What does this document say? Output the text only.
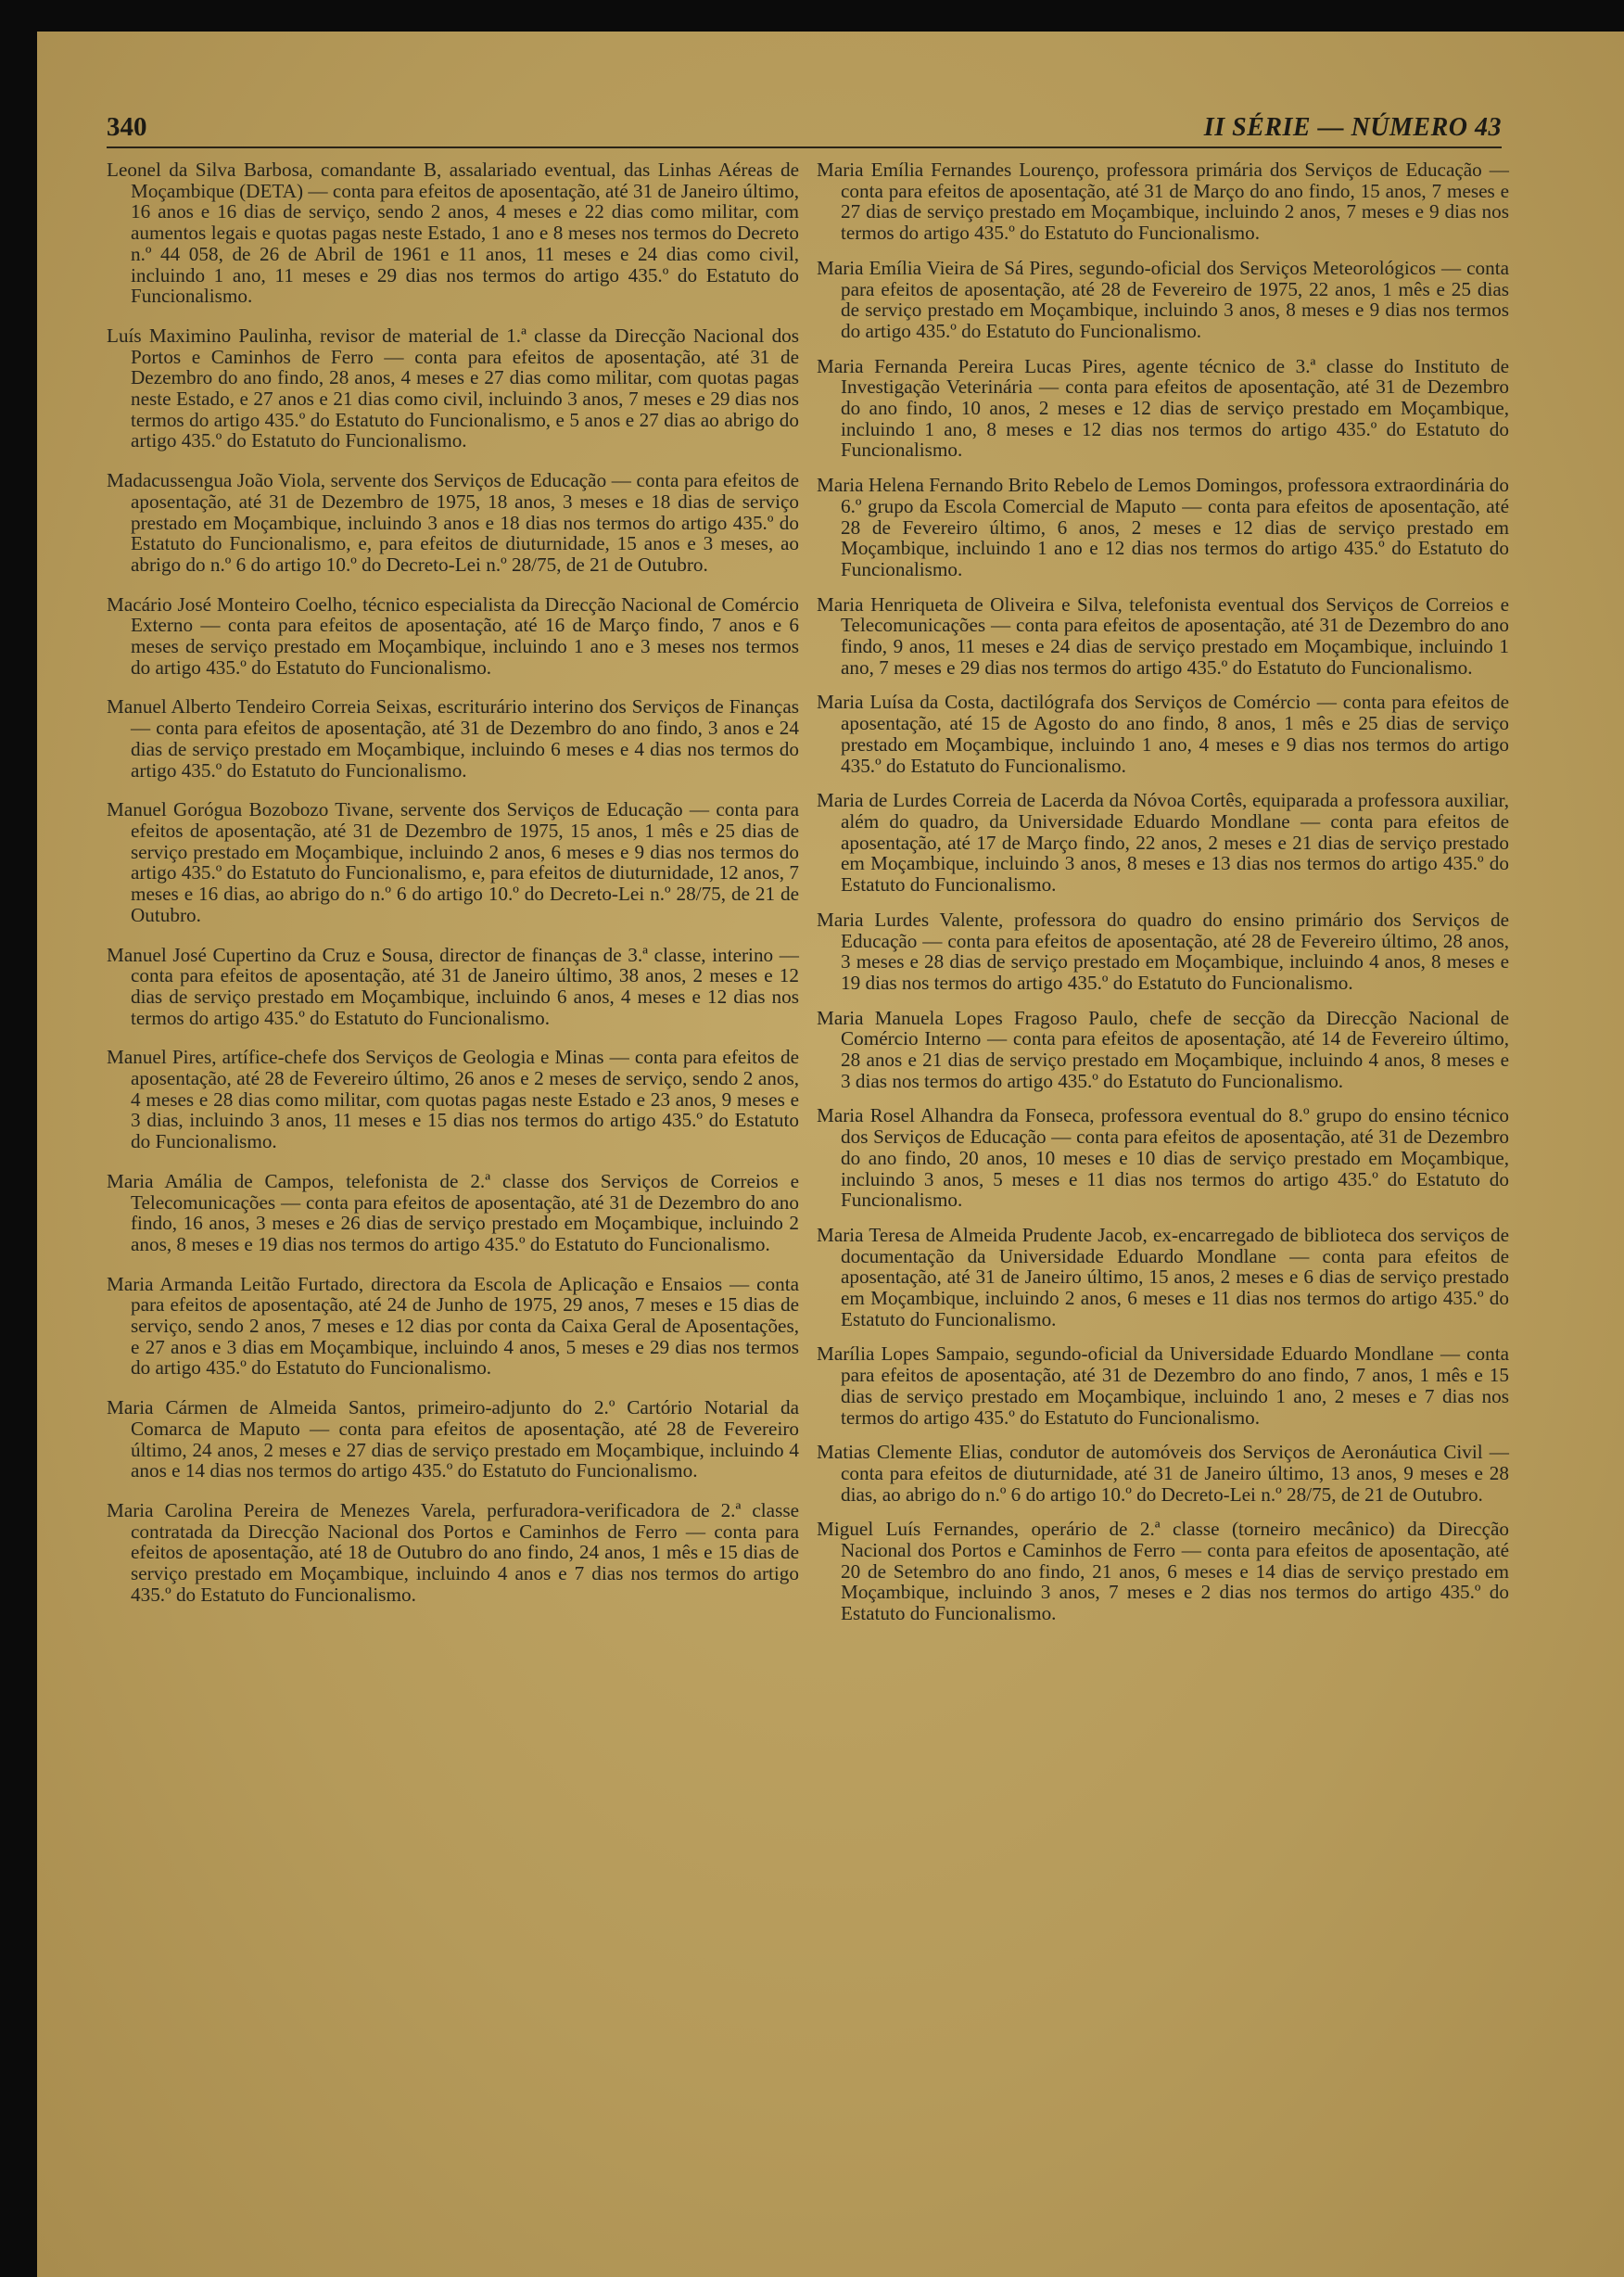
340	II SÉRIE — NÚMERO 43

Leonel da Silva Barbosa, comandante B, assalariado eventual, das Linhas Aéreas de Moçambique (DETA) — conta para efeitos de aposentação, até 31 de Janeiro último, 16 anos e 16 dias de serviço, sendo 2 anos, 4 meses e 22 dias como militar, com aumentos legais e quotas pagas neste Estado, 1 ano e 8 meses nos termos do Decreto n.º 44 058, de 26 de Abril de 1961 e 11 anos, 11 meses e 24 dias como civil, incluindo 1 ano, 11 meses e 29 dias nos termos do artigo 435.º do Estatuto do Funcionalismo.

Luís Maximino Paulinha, revisor de material de 1.ª classe da Direcção Nacional dos Portos e Caminhos de Ferro — conta para efeitos de aposentação, até 31 de Dezembro do ano findo, 28 anos, 4 meses e 27 dias como militar, com quotas pagas neste Estado, e 27 anos e 21 dias como civil, incluindo 3 anos, 7 meses e 29 dias nos termos do artigo 435.º do Estatuto do Funcionalismo, e 5 anos e 27 dias ao abrigo do artigo 435.º do Estatuto do Funcionalismo.

Madacussengua João Viola, servente dos Serviços de Educação — conta para efeitos de aposentação, até 31 de Dezembro de 1975, 18 anos, 3 meses e 18 dias de serviço prestado em Moçambique, incluindo 3 anos e 18 dias nos termos do artigo 435.º do Estatuto do Funcionalismo, e, para efeitos de diuturnidade, 15 anos e 3 meses, ao abrigo do n.º 6 do artigo 10.º do Decreto-Lei n.º 28/75, de 21 de Outubro.

Macário José Monteiro Coelho, técnico especialista da Direcção Nacional de Comércio Externo — conta para efeitos de aposentação, até 16 de Março findo, 7 anos e 6 meses de serviço prestado em Moçambique, incluindo 1 ano e 3 meses nos termos do artigo 435.º do Estatuto do Funcionalismo.

Manuel Alberto Tendeiro Correia Seixas, escriturário interino dos Serviços de Finanças — conta para efeitos de aposentação, até 31 de Dezembro do ano findo, 3 anos e 24 dias de serviço prestado em Moçambique, incluindo 6 meses e 4 dias nos termos do artigo 435.º do Estatuto do Funcionalismo.

Manuel Gorógua Bozobozo Tivane, servente dos Serviços de Educação — conta para efeitos de aposentação, até 31 de Dezembro de 1975, 15 anos, 1 mês e 25 dias de serviço prestado em Moçambique, incluindo 2 anos, 6 meses e 9 dias nos termos do artigo 435.º do Estatuto do Funcionalismo, e, para efeitos de diuturnidade, 12 anos, 7 meses e 16 dias, ao abrigo do n.º 6 do artigo 10.º do Decreto-Lei n.º 28/75, de 21 de Outubro.

Manuel José Cupertino da Cruz e Sousa, director de finanças de 3.ª classe, interino — conta para efeitos de aposentação, até 31 de Janeiro último, 38 anos, 2 meses e 12 dias de serviço prestado em Moçambique, incluindo 6 anos, 4 meses e 12 dias nos termos do artigo 435.º do Estatuto do Funcionalismo.

Manuel Pires, artífice-chefe dos Serviços de Geologia e Minas — conta para efeitos de aposentação, até 28 de Fevereiro último, 26 anos e 2 meses de serviço, sendo 2 anos, 4 meses e 28 dias como militar, com quotas pagas neste Estado e 23 anos, 9 meses e 3 dias, incluindo 3 anos, 11 meses e 15 dias nos termos do artigo 435.º do Estatuto do Funcionalismo.

Maria Amália de Campos, telefonista de 2.ª classe dos Serviços de Correios e Telecomunicações — conta para efeitos de aposentação, até 31 de Dezembro do ano findo, 16 anos, 3 meses e 26 dias de serviço prestado em Moçambique, incluindo 2 anos, 8 meses e 19 dias nos termos do artigo 435.º do Estatuto do Funcionalismo.

Maria Armanda Leitão Furtado, directora da Escola de Aplicação e Ensaios — conta para efeitos de aposentação, até 24 de Junho de 1975, 29 anos, 7 meses e 15 dias de serviço, sendo 2 anos, 7 meses e 12 dias por conta da Caixa Geral de Aposentações, e 27 anos e 3 dias em Moçambique, incluindo 4 anos, 5 meses e 29 dias nos termos do artigo 435.º do Estatuto do Funcionalismo.

Maria Cármen de Almeida Santos, primeiro-adjunto do 2.º Cartório Notarial da Comarca de Maputo — conta para efeitos de aposentação, até 28 de Fevereiro último, 24 anos, 2 meses e 27 dias de serviço prestado em Moçambique, incluindo 4 anos e 14 dias nos termos do artigo 435.º do Estatuto do Funcionalismo.

Maria Carolina Pereira de Menezes Varela, perfuradora-verificadora de 2.ª classe contratada da Direcção Nacional dos Portos e Caminhos de Ferro — conta para efeitos de aposentação, até 18 de Outubro do ano findo, 24 anos, 1 mês e 15 dias de serviço prestado em Moçambique, incluindo 4 anos e 7 dias nos termos do artigo 435.º do Estatuto do Funcionalismo.

Maria Emília Fernandes Lourenço, professora primária dos Serviços de Educação — conta para efeitos de aposentação, até 31 de Março do ano findo, 15 anos, 7 meses e 27 dias de serviço prestado em Moçambique, incluindo 2 anos, 7 meses e 9 dias nos termos do artigo 435.º do Estatuto do Funcionalismo.

Maria Emília Vieira de Sá Pires, segundo-oficial dos Serviços Meteorológicos — conta para efeitos de aposentação, até 28 de Fevereiro de 1975, 22 anos, 1 mês e 25 dias de serviço prestado em Moçambique, incluindo 3 anos, 8 meses e 9 dias nos termos do artigo 435.º do Estatuto do Funcionalismo.

Maria Fernanda Pereira Lucas Pires, agente técnico de 3.ª classe do Instituto de Investigação Veterinária — conta para efeitos de aposentação, até 31 de Dezembro do ano findo, 10 anos, 2 meses e 12 dias de serviço prestado em Moçambique, incluindo 1 ano, 8 meses e 12 dias nos termos do artigo 435.º do Estatuto do Funcionalismo.

Maria Helena Fernando Brito Rebelo de Lemos Domingos, professora extraordinária do 6.º grupo da Escola Comercial de Maputo — conta para efeitos de aposentação, até 28 de Fevereiro último, 6 anos, 2 meses e 12 dias de serviço prestado em Moçambique, incluindo 1 ano e 12 dias nos termos do artigo 435.º do Estatuto do Funcionalismo.

Maria Henriqueta de Oliveira e Silva, telefonista eventual dos Serviços de Correios e Telecomunicações — conta para efeitos de aposentação, até 31 de Dezembro do ano findo, 9 anos, 11 meses e 24 dias de serviço prestado em Moçambique, incluindo 1 ano, 7 meses e 29 dias nos termos do artigo 435.º do Estatuto do Funcionalismo.

Maria Luísa da Costa, dactilógrafa dos Serviços de Comércio — conta para efeitos de aposentação, até 15 de Agosto do ano findo, 8 anos, 1 mês e 25 dias de serviço prestado em Moçambique, incluindo 1 ano, 4 meses e 9 dias nos termos do artigo 435.º do Estatuto do Funcionalismo.

Maria de Lurdes Correia de Lacerda da Nóvoa Cortês, equiparada a professora auxiliar, além do quadro, da Universidade Eduardo Mondlane — conta para efeitos de aposentação, até 17 de Março findo, 22 anos, 2 meses e 21 dias de serviço prestado em Moçambique, incluindo 3 anos, 8 meses e 13 dias nos termos do artigo 435.º do Estatuto do Funcionalismo.

Maria Lurdes Valente, professora do quadro do ensino primário dos Serviços de Educação — conta para efeitos de aposentação, até 28 de Fevereiro último, 28 anos, 3 meses e 28 dias de serviço prestado em Moçambique, incluindo 4 anos, 8 meses e 19 dias nos termos do artigo 435.º do Estatuto do Funcionalismo.

Maria Manuela Lopes Fragoso Paulo, chefe de secção da Direcção Nacional de Comércio Interno — conta para efeitos de aposentação, até 14 de Fevereiro último, 28 anos e 21 dias de serviço prestado em Moçambique, incluindo 4 anos, 8 meses e 3 dias nos termos do artigo 435.º do Estatuto do Funcionalismo.

Maria Rosel Alhandra da Fonseca, professora eventual do 8.º grupo do ensino técnico dos Serviços de Educação — conta para efeitos de aposentação, até 31 de Dezembro do ano findo, 20 anos, 10 meses e 10 dias de serviço prestado em Moçambique, incluindo 3 anos, 5 meses e 11 dias nos termos do artigo 435.º do Estatuto do Funcionalismo.

Maria Teresa de Almeida Prudente Jacob, ex-encarregado de biblioteca dos serviços de documentação da Universidade Eduardo Mondlane — conta para efeitos de aposentação, até 31 de Janeiro último, 15 anos, 2 meses e 6 dias de serviço prestado em Moçambique, incluindo 2 anos, 6 meses e 11 dias nos termos do artigo 435.º do Estatuto do Funcionalismo.

Marília Lopes Sampaio, segundo-oficial da Universidade Eduardo Mondlane — conta para efeitos de aposentação, até 31 de Dezembro do ano findo, 7 anos, 1 mês e 15 dias de serviço prestado em Moçambique, incluindo 1 ano, 2 meses e 7 dias nos termos do artigo 435.º do Estatuto do Funcionalismo.

Matias Clemente Elias, condutor de automóveis dos Serviços de Aeronáutica Civil — conta para efeitos de diuturnidade, até 31 de Janeiro último, 13 anos, 9 meses e 28 dias, ao abrigo do n.º 6 do artigo 10.º do Decreto-Lei n.º 28/75, de 21 de Outubro.

Miguel Luís Fernandes, operário de 2.ª classe (torneiro mecânico) da Direcção Nacional dos Portos e Caminhos de Ferro — conta para efeitos de aposentação, até 20 de Setembro do ano findo, 21 anos, 6 meses e 14 dias de serviço prestado em Moçambique, incluindo 3 anos, 7 meses e 2 dias nos termos do artigo 435.º do Estatuto do Funcionalismo.
